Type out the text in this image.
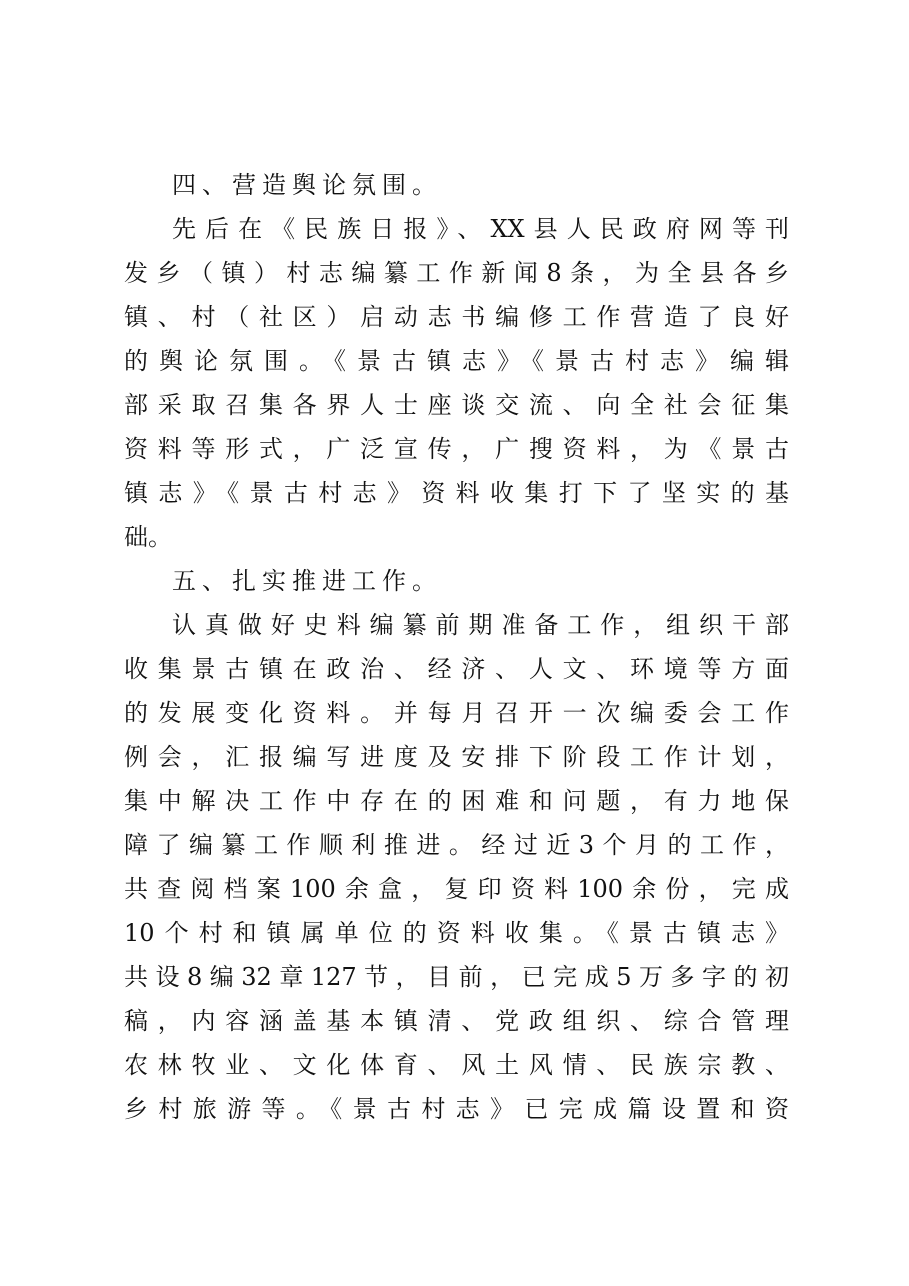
四、营造舆论氛围。
先后在《民族日报》、XX县人民政府网等刊
发乡（镇）村志编纂工作新闻8条，为全县各乡
镇、村（社区）启动志书编修工作营造了良好
的舆论氛围。《景古镇志》《景古村志》编辑
部采取召集各界人士座谈交流、向全社会征集
资料等形式，广泛宣传，广搜资料，为《景古
镇志》《景古村志》资料收集打下了坚实的基
础。
五、扎实推进工作。
认真做好史料编纂前期准备工作，组织干部
收集景古镇在政治、经济、人文、环境等方面
的发展变化资料。并每月召开一次编委会工作
例会，汇报编写进度及安排下阶段工作计划，
集中解决工作中存在的困难和问题，有力地保
障了编纂工作顺利推进。经过近3个月的工作，
共查阅档案100余盒，复印资料100余份，完成
10个村和镇属单位的资料收集。《景古镇志》
共设8编32章127节，目前，已完成5万多字的初
稿，内容涵盖基本镇清、党政组织、综合管理
农林牧业、文化体育、风土风情、民族宗教、
乡村旅游等。《景古村志》已完成篇设置和资
